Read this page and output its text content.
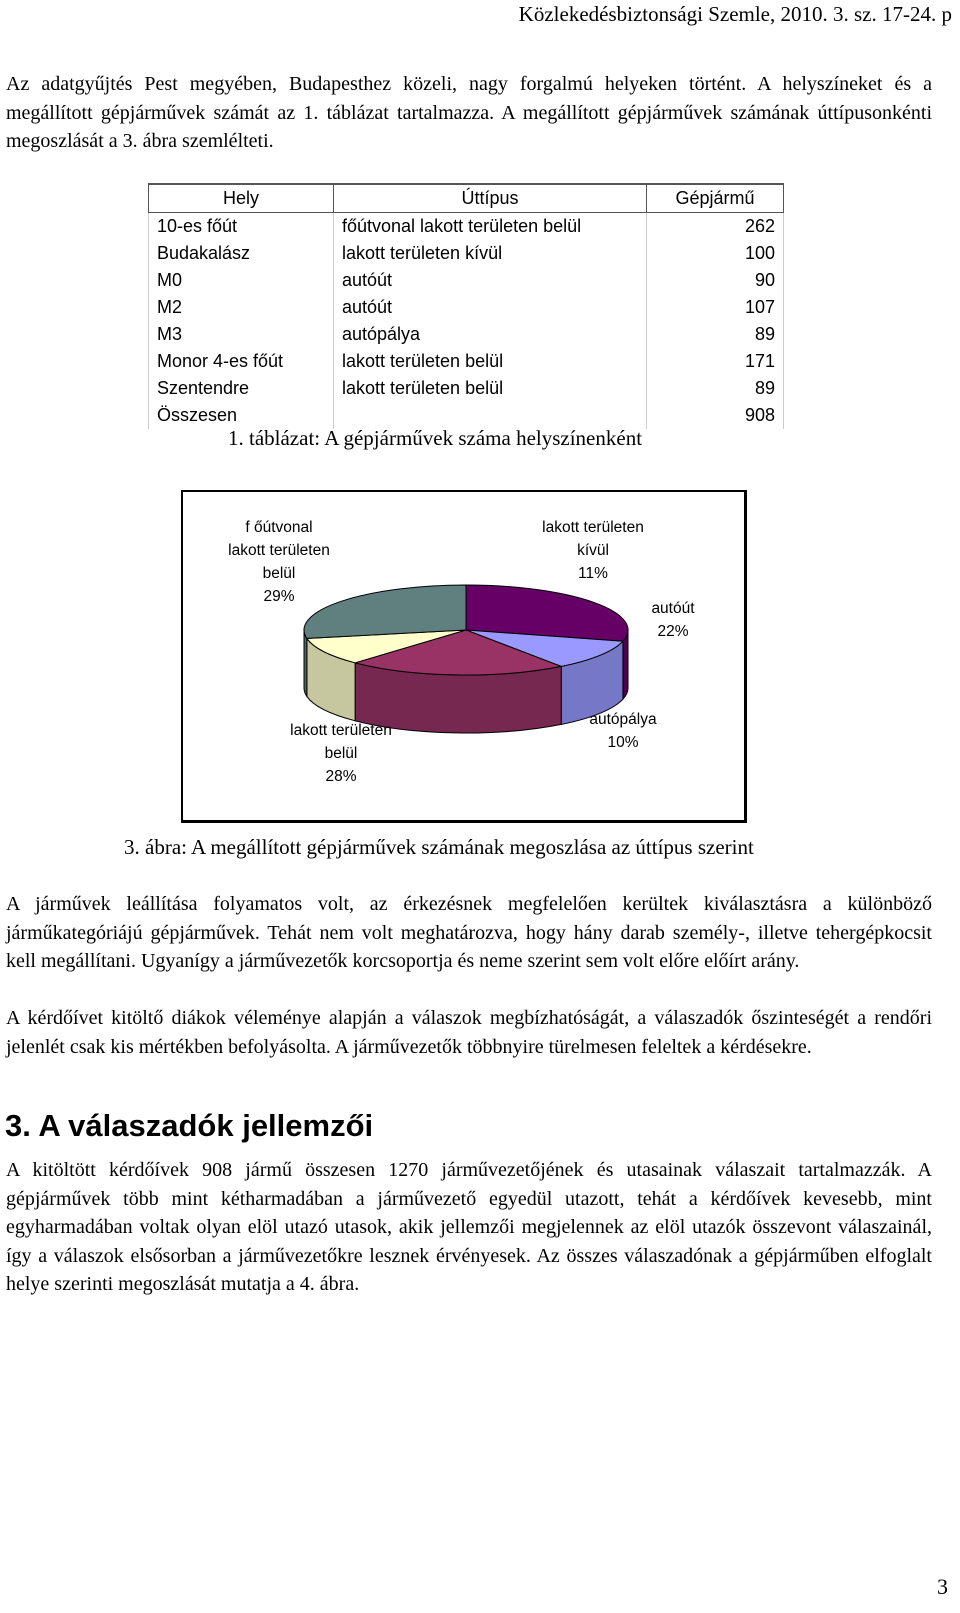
Közlekedésbiztonsági Szemle, 2010. 3. sz. 17-24. p

Az adatgyűjtés Pest megyében, Budapesthez közeli, nagy forgalmú helyeken történt. A helyszíneket és a megállított gépjárművek számát az 1. táblázat tartalmazza. A megállított gépjárművek számának úttípusonkénti megoszlását a 3. ábra szemlélteti.

Hely	Úttípus	Gépjármű
10-es főút	főútvonal lakott területen belül	262
Budakalász	lakott területen kívül	100
M0	autóút	90
M2	autóút	107
M3	autópálya	89
Monor 4-es főút	lakott területen belül	171
Szentendre	lakott területen belül	89
Összesen		908
1. táblázat: A gépjárművek száma helyszínenként
f őútvonal
lakott területen
belül
29%
lakott területen
kívül
11%
autóút
22%
autópálya
10%
lakott területen
belül
28%
3. ábra: A megállított gépjárművek számának megoszlása az úttípus szerint

A járművek leállítása folyamatos volt, az érkezésnek megfelelően kerültek kiválasztásra a különböző járműkategóriájú gépjárművek. Tehát nem volt meghatározva, hogy hány darab személy-, illetve tehergépkocsit kell megállítani. Ugyanígy a járművezetők korcsoportja és neme szerint sem volt előre előírt arány.

A kérdőívet kitöltő diákok véleménye alapján a válaszok megbízhatóságát, a válaszadók őszinteségét a rendőri jelenlét csak kis mértékben befolyásolta. A járművezetők többnyire türelmesen feleltek a kérdésekre.

3. A válaszadók jellemzői

A kitöltött kérdőívek 908 jármű összesen 1270 járművezetőjének és utasainak válaszait tartalmazzák. A gépjárművek több mint kétharmadában a járművezető egyedül utazott, tehát a kérdőívek kevesebb, mint egyharmadában voltak olyan elöl utazó utasok, akik jellemzői megjelennek az elöl utazók összevont válaszainál, így a válaszok elsősorban a járművezetőkre lesznek érvényesek. Az összes válaszadónak a gépjárműben elfoglalt helye szerinti megoszlását mutatja a 4. ábra.

3
